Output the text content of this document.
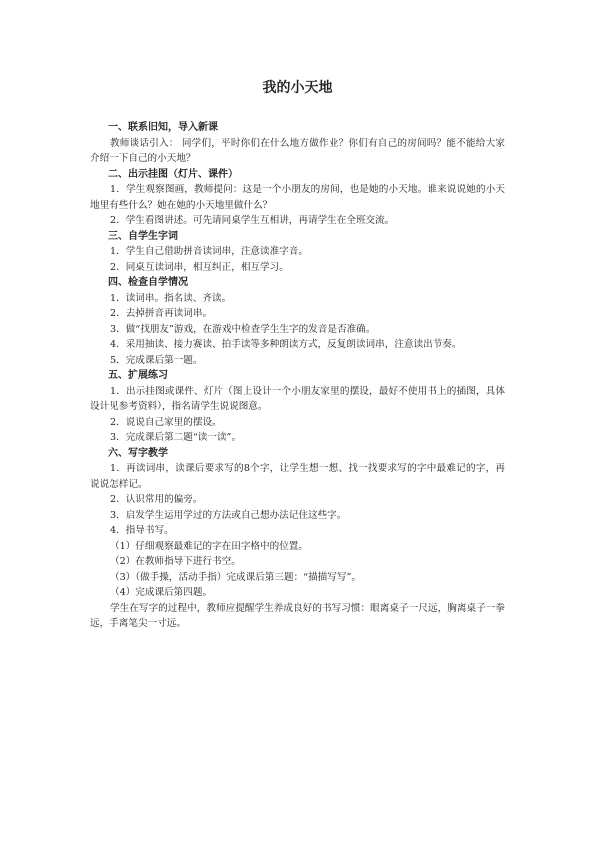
我的小天地
一、联系旧知，导入新课

教师谈话引入： 同学们，平时你们在什么地方做作业？你们有自己的房间吗？能不能给大家介绍一下自己的小天地？

二、出示挂图（灯片、课件）

1．学生观察图画，教师提问：这是一个小朋友的房间，也是她的小天地。谁来说说她的小天地里有些什么？她在她的小天地里做什么？

2．学生看图讲述。可先请同桌学生互相讲，再请学生在全班交流。

三、自学生字词

1．学生自己借助拼音读词串，注意读准字音。

2．同桌互读词串，相互纠正，相互学习。

四、检查自学情况

1．读词串。指名读、齐读。

2．去掉拼音再读词串。

3．做“找朋友”游戏，在游戏中检查学生生字的发音是否准确。

4．采用抽读、接力赛读、拍手读等多种朗读方式，反复朗读词串，注意读出节奏。

5．完成课后第一题。

五、扩展练习

1．出示挂图或课件、灯片（图上设计一个小朋友家里的摆设，最好不使用书上的插图，具体设计见参考资料），指名请学生说说图意。

2．说说自己家里的摆设。

3．完成课后第二题“读一读”。

六、写字教学

1．再读词串，读课后要求写的8个字，让学生想一想、找一找要求写的字中最难记的字，再说说怎样记。

2．认识常用的偏旁。

3．启发学生运用学过的方法或自己想办法记住这些字。

4．指导书写。

（1）仔细观察最难记的字在田字格中的位置。

（2）在教师指导下进行书空。

（3）（做手操，活动手指）完成课后第三题：“描描写写”。

（4）完成课后第四题。

学生在写字的过程中，教师应提醒学生养成良好的书写习惯：眼离桌子一尺远，胸离桌子一拳远，手离笔尖一寸远。
